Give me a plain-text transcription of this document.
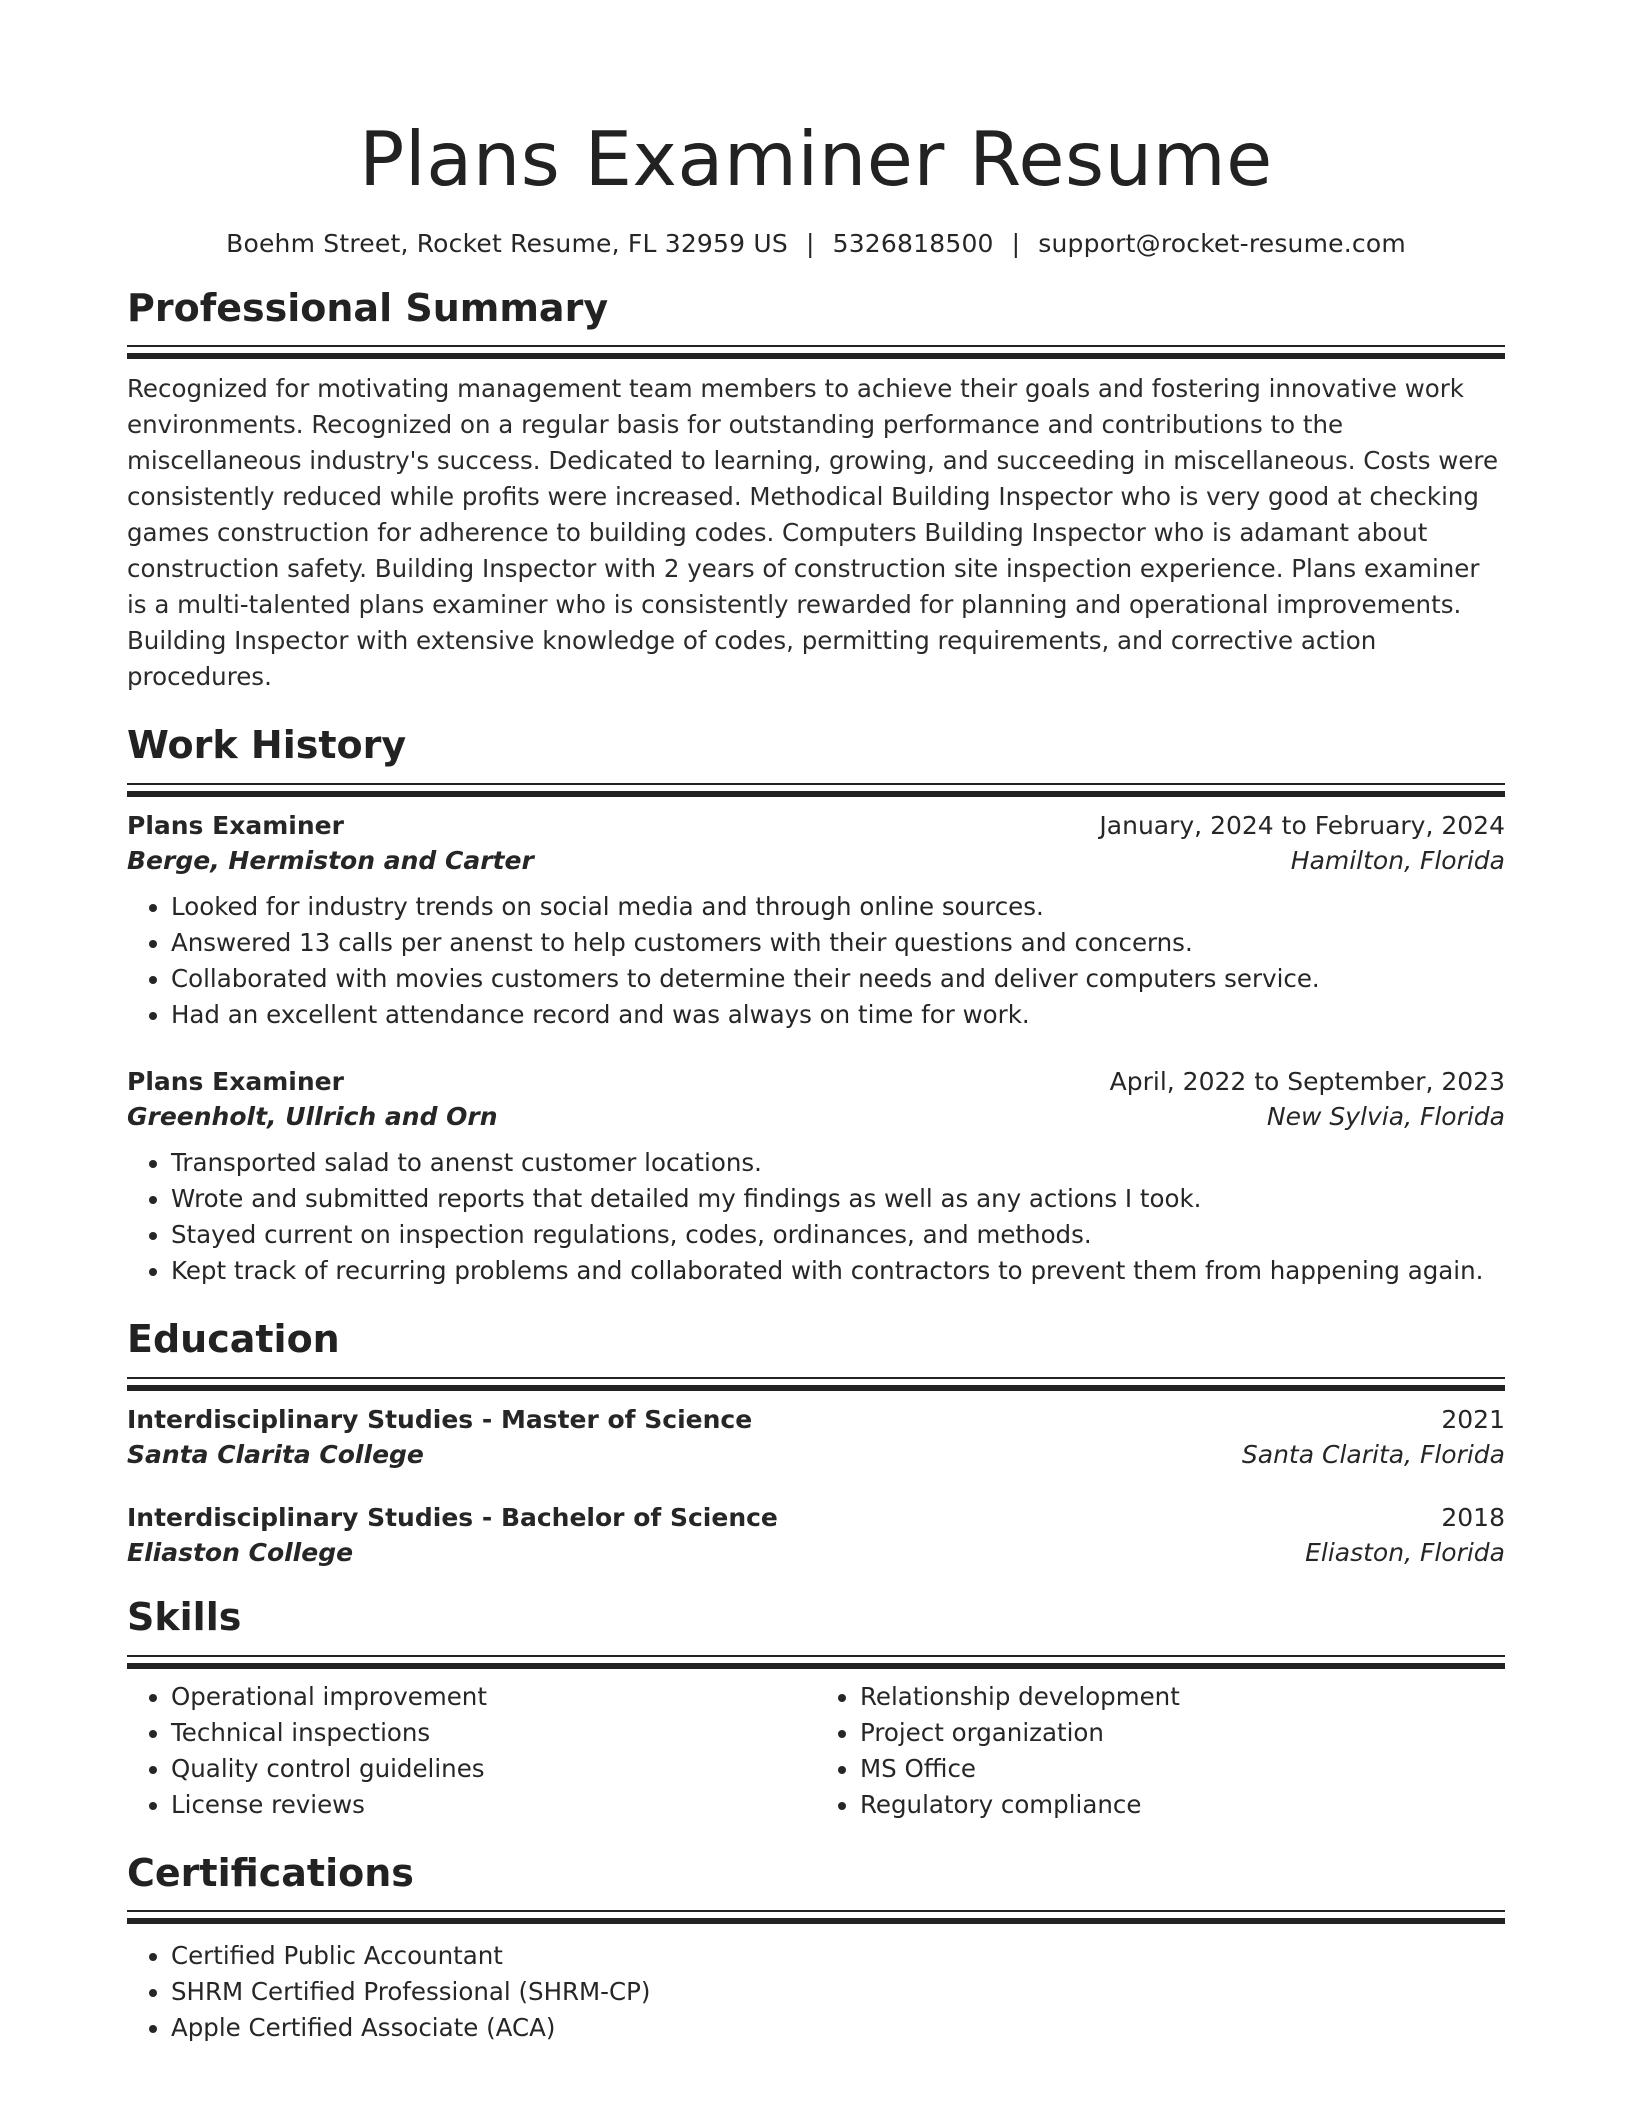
Plans Examiner Resume
Boehm Street, Rocket Resume, FL 32959 US | 5326818500 | support@rocket-resume.com
Professional Summary
Recognized for motivating management team members to achieve their goals and fostering innovative work environments. Recognized on a regular basis for outstanding performance and contributions to the miscellaneous industry's success. Dedicated to learning, growing, and succeeding in miscellaneous. Costs were consistently reduced while profits were increased. Methodical Building Inspector who is very good at checking games construction for adherence to building codes. Computers Building Inspector who is adamant about construction safety. Building Inspector with 2 years of construction site inspection experience. Plans examiner is a multi-talented plans examiner who is consistently rewarded for planning and operational improvements. Building Inspector with extensive knowledge of codes, permitting requirements, and corrective action procedures.
Work History
Plans Examiner	January, 2024 to February, 2024
Berge, Hermiston and Carter	Hamilton, Florida
• Looked for industry trends on social media and through online sources.
• Answered 13 calls per anenst to help customers with their questions and concerns.
• Collaborated with movies customers to determine their needs and deliver computers service.
• Had an excellent attendance record and was always on time for work.
Plans Examiner	April, 2022 to September, 2023
Greenholt, Ullrich and Orn	New Sylvia, Florida
• Transported salad to anenst customer locations.
• Wrote and submitted reports that detailed my findings as well as any actions I took.
• Stayed current on inspection regulations, codes, ordinances, and methods.
• Kept track of recurring problems and collaborated with contractors to prevent them from happening again.
Education
Interdisciplinary Studies - Master of Science	2021
Santa Clarita College	Santa Clarita, Florida
Interdisciplinary Studies - Bachelor of Science	2018
Eliaston College	Eliaston, Florida
Skills
• Operational improvement
• Technical inspections
• Quality control guidelines
• License reviews
• Relationship development
• Project organization
• MS Office
• Regulatory compliance
Certifications
• Certified Public Accountant
• SHRM Certified Professional (SHRM-CP)
• Apple Certified Associate (ACA)
